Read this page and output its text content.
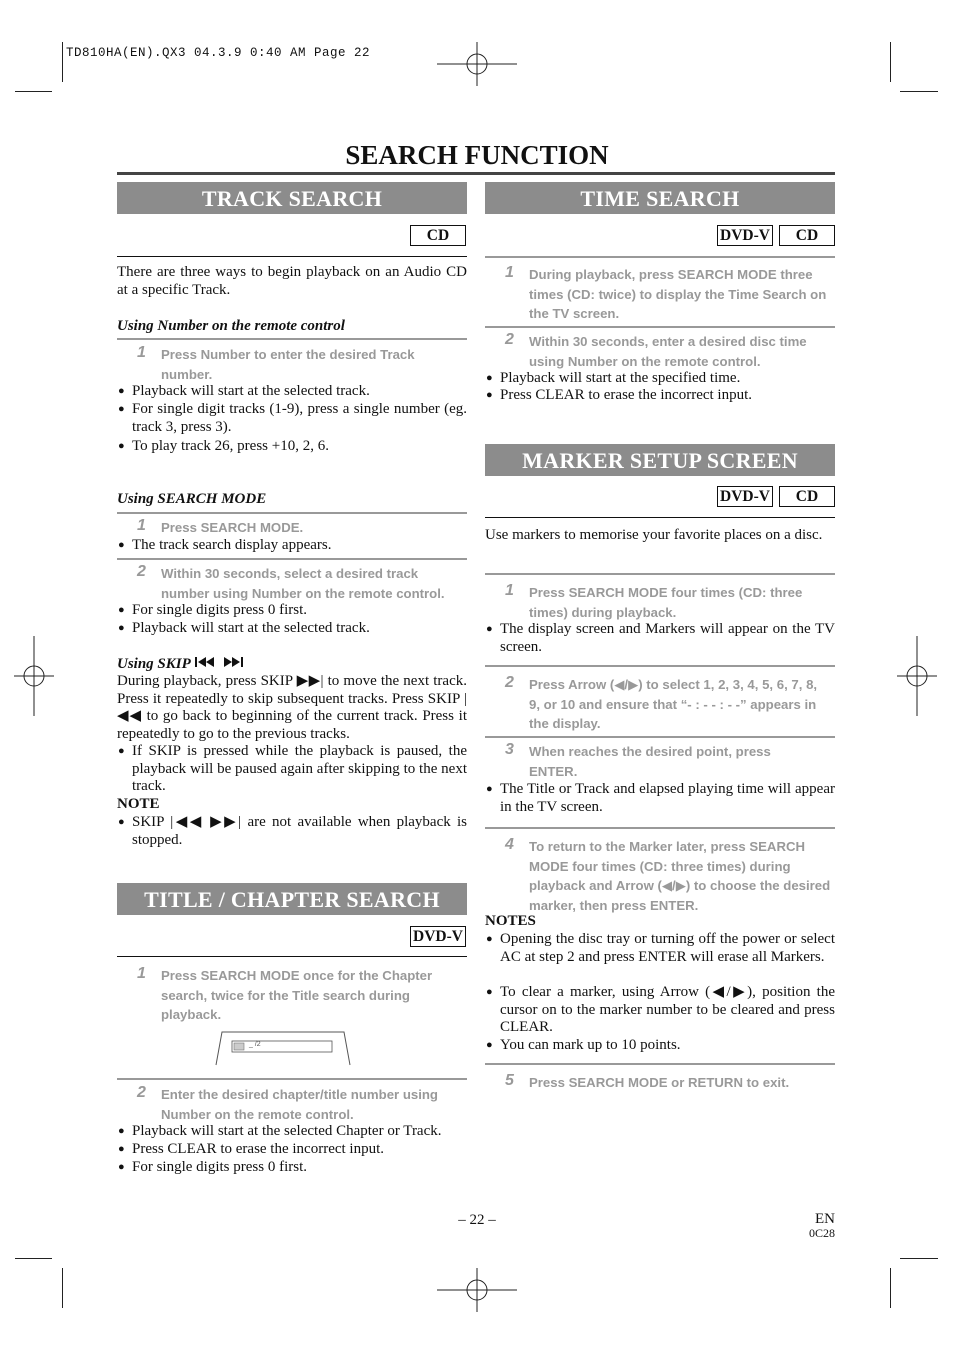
TD810HA(EN).QX3 04.3.9 0:40 AM Page 22
SEARCH FUNCTION
TRACK SEARCH
CD
There are three ways to begin playback on an Audio CD at a specific Track.
Using Number on the remote control
1 Press Number to enter the desired Track number.
● Playback will start at the selected track.
● For single digit tracks (1-9), press a single number (eg. track 3, press 3).
● To play track 26, press +10, 2, 6.
Using SEARCH MODE
1 Press SEARCH MODE.
● The track search display appears.
2 Within 30 seconds, select a desired track number using Number on the remote control.
● For single digits press 0 first.
● Playback will start at the selected track.
Using SKIP
During playback, press SKIP ▶▶| to move the next track. Press it repeatedly to skip subsequent tracks. Press SKIP |◀◀ to go back to beginning of the current track. Press it repeatedly to go to the previous tracks.
● If SKIP is pressed while the playback is paused, the playback will be paused again after skipping to the next track.
NOTE
● SKIP |◀◀ ▶▶| are not available when playback is stopped.
TITLE / CHAPTER SEARCH
DVD-V
1 Press SEARCH MODE once for the Chapter search, twice for the Title search during playback.
_ /2
2 Enter the desired chapter/title number using Number on the remote control.
● Playback will start at the selected Chapter or Track.
● Press CLEAR to erase the incorrect input.
● For single digits press 0 first.
TIME SEARCH
DVD-V	CD
1 During playback, press SEARCH MODE three times (CD: twice) to display the Time Search on the TV screen.
2 Within 30 seconds, enter a desired disc time using Number on the remote control.
● Playback will start at the specified time.
● Press CLEAR to erase the incorrect input.
MARKER SETUP SCREEN
DVD-V	CD
Use markers to memorise your favorite places on a disc.
1 Press SEARCH MODE four times (CD: three times) during playback.
● The display screen and Markers will appear on the TV screen.
2 Press Arrow (◀/▶) to select 1, 2, 3, 4, 5, 6, 7, 8, 9, or 10 and ensure that “- : - - : - -” appears in the display.
3 When reaches the desired point, press ENTER.
● The Title or Track and elapsed playing time will appear in the TV screen.
4 To return to the Marker later, press SEARCH MODE four times (CD: three times) during playback and Arrow (◀/▶) to choose the desired marker, then press ENTER.
NOTES
● Opening the disc tray or turning off the power or select AC at step 2 and press ENTER will erase all Markers.
● To clear a marker, using Arrow (◀/▶), position the cursor on to the marker number to be cleared and press CLEAR.
● You can mark up to 10 points.
5 Press SEARCH MODE or RETURN to exit.
– 22 –	EN
0C28
